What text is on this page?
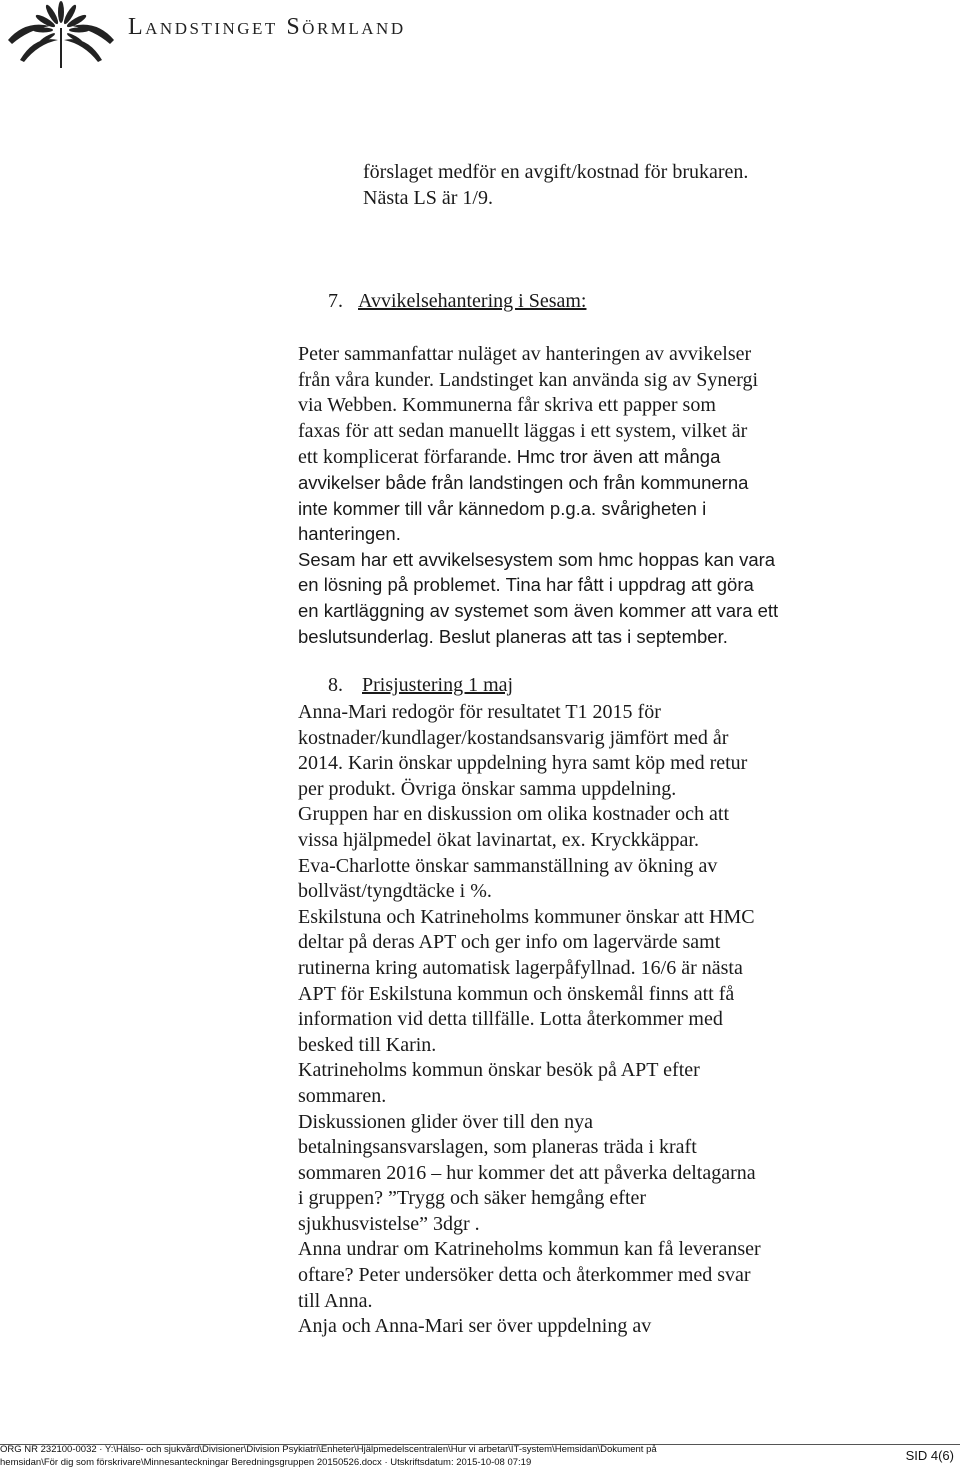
Landstinget Sörmland
förslaget medför en avgift/kostnad för brukaren.
Nästa LS är 1/9.
7. Avvikelsehantering i Sesam:
Peter sammanfattar nuläget av hanteringen av avvikelser
från våra kunder. Landstinget kan använda sig av Synergi
via Webben. Kommunerna får skriva ett papper som
faxas för att sedan manuellt läggas i ett system, vilket är
ett komplicerat förfarande. Hmc tror även att många
avvikelser både från landstingen och från kommunerna
inte kommer till vår kännedom p.g.a. svårigheten i
hanteringen.
Sesam har ett avvikelsesystem som hmc hoppas kan vara
en lösning på problemet. Tina har fått i uppdrag att göra
en kartläggning av systemet som även kommer att vara ett
beslutsunderlag. Beslut planeras att tas i september.
8. Prisjustering 1 maj
Anna-Mari redogör för resultatet T1 2015 för
kostnader/kundlager/kostandsansvarig jämfört med år
2014. Karin önskar uppdelning hyra samt köp med retur
per produkt. Övriga önskar samma uppdelning.
Gruppen har en diskussion om olika kostnader och att
vissa hjälpmedel ökat lavinartat, ex. Kryckkäppar.
Eva-Charlotte önskar sammanställning av ökning av
bollväst/tyngdtäcke i %.
Eskilstuna och Katrineholms kommuner önskar att HMC
deltar på deras APT och ger info om lagervärde samt
rutinerna kring automatisk lagerpåfyllnad. 16/6 är nästa
APT för Eskilstuna kommun och önskemål finns att få
information vid detta tillfälle. Lotta återkommer med
besked till Karin.
Katrineholms kommun önskar besök på APT efter
sommaren.
Diskussionen glider över till den nya
betalningsansvarslagen, som planeras träda i kraft
sommaren 2016 – hur kommer det att påverka deltagarna
i gruppen? ”Trygg och säker hemgång efter
sjukhusvistelse” 3dgr .
Anna undrar om Katrineholms kommun kan få leveranser
oftare? Peter undersöker detta och återkommer med svar
till Anna.
Anja och Anna-Mari ser över uppdelning av
ORG NR 232100-0032 · Y:\Hälso- och sjukvård\Divisioner\Division Psykiatri\Enheter\Hjälpmedelscentralen\Hur vi arbetar\IT-system\Hemsidan\Dokument på
hemsidan\För dig som förskrivare\Minnesanteckningar Beredningsgruppen 20150526.docx · Utskriftsdatum: 2015-10-08 07:19	SID 4(6)
